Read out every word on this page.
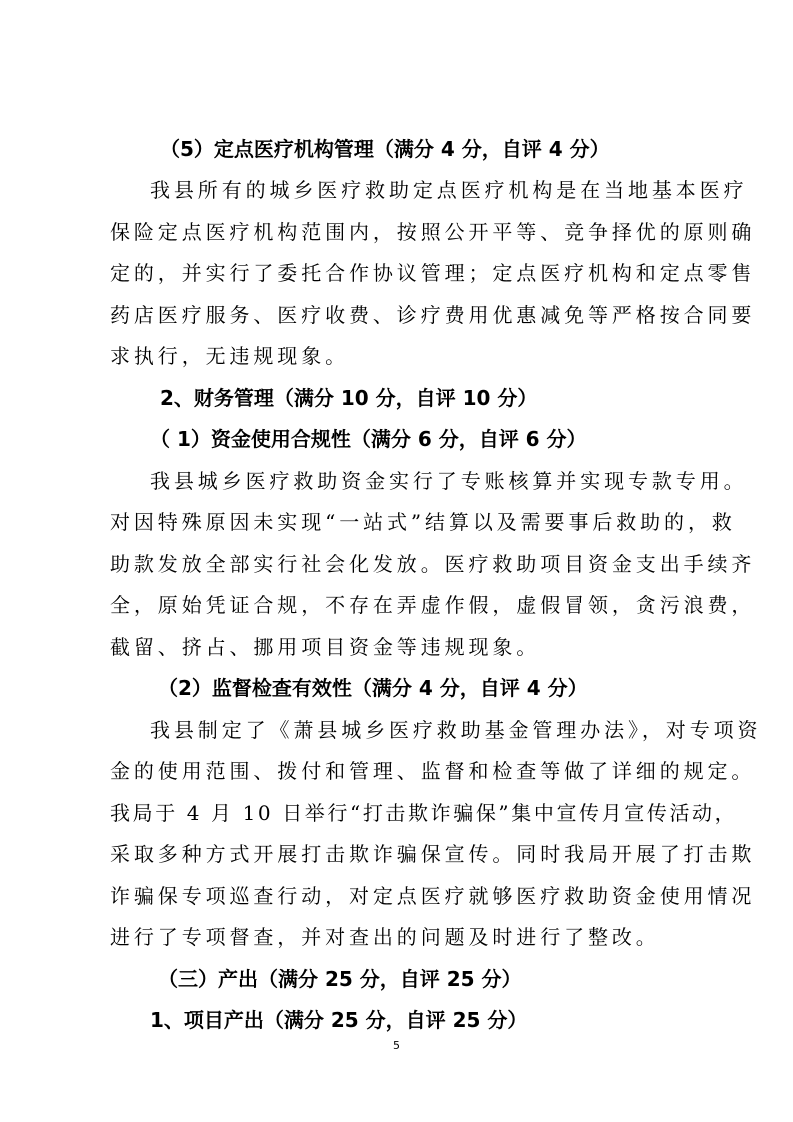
（5）定点医疗机构管理（满分 4 分，自评 4 分）
我县所有的城乡医疗救助定点医疗机构是在当地基本医疗
保险定点医疗机构范围内，按照公开平等、竞争择优的原则确
定的，并实行了委托合作协议管理；定点医疗机构和定点零售
药店医疗服务、医疗收费、诊疗费用优惠减免等严格按合同要
求执行，无违规现象。
2、财务管理（满分 10 分，自评 10 分）
（ 1）资金使用合规性（满分 6 分，自评 6 分）
我县城乡医疗救助资金实行了专账核算并实现专款专用。
对因特殊原因未实现“一站式”结算以及需要事后救助的，救
助款发放全部实行社会化发放。医疗救助项目资金支出手续齐
全，原始凭证合规，不存在弄虚作假，虚假冒领，贪污浪费，
截留、挤占、挪用项目资金等违规现象。
（2）监督检查有效性（满分 4 分，自评 4 分）
我县制定了《萧县城乡医疗救助基金管理办法》，对专项资
金的使用范围、拨付和管理、监督和检查等做了详细的规定。
我局于 4 月 10 日举行“打击欺诈骗保”集中宣传月宣传活动，
采取多种方式开展打击欺诈骗保宣传。同时我局开展了打击欺
诈骗保专项巡查行动，对定点医疗就够医疗救助资金使用情况
进行了专项督查，并对查出的问题及时进行了整改。
（三）产出（满分 25 分，自评 25 分）
1、项目产出（满分 25 分，自评 25 分）
5
